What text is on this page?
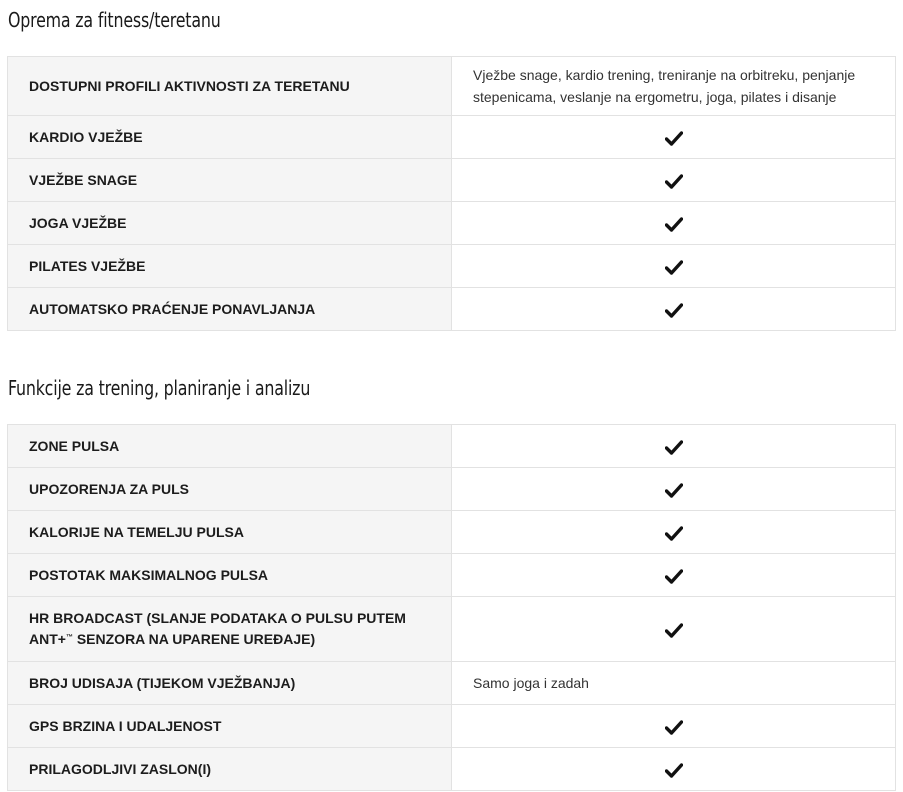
Oprema za fitness/teretanu
DOSTUPNI PROFILI AKTIVNOSTI ZA TERETANU	Vježbe snage, kardio trening, treniranje na orbitreku, penjanje stepenicama, veslanje na ergometru, joga, pilates i disanje
KARDIO VJEŽBE	
VJEŽBE SNAGE	
JOGA VJEŽBE	
PILATES VJEŽBE	
AUTOMATSKO PRAĆENJE PONAVLJANJA	
Funkcije za trening, planiranje i analizu
ZONE PULSA	
UPOZORENJA ZA PULS	
KALORIJE NA TEMELJU PULSA	
POSTOTAK MAKSIMALNOG PULSA	
HR BROADCAST (SLANJE PODATAKA O PULSU PUTEM ANT+™ SENZORA NA UPARENE UREĐAJE)	
BROJ UDISAJA (TIJEKOM VJEŽBANJA)	Samo joga i zadah
GPS BRZINA I UDALJENOST	
PRILAGODLJIVI ZASLON(I)	
